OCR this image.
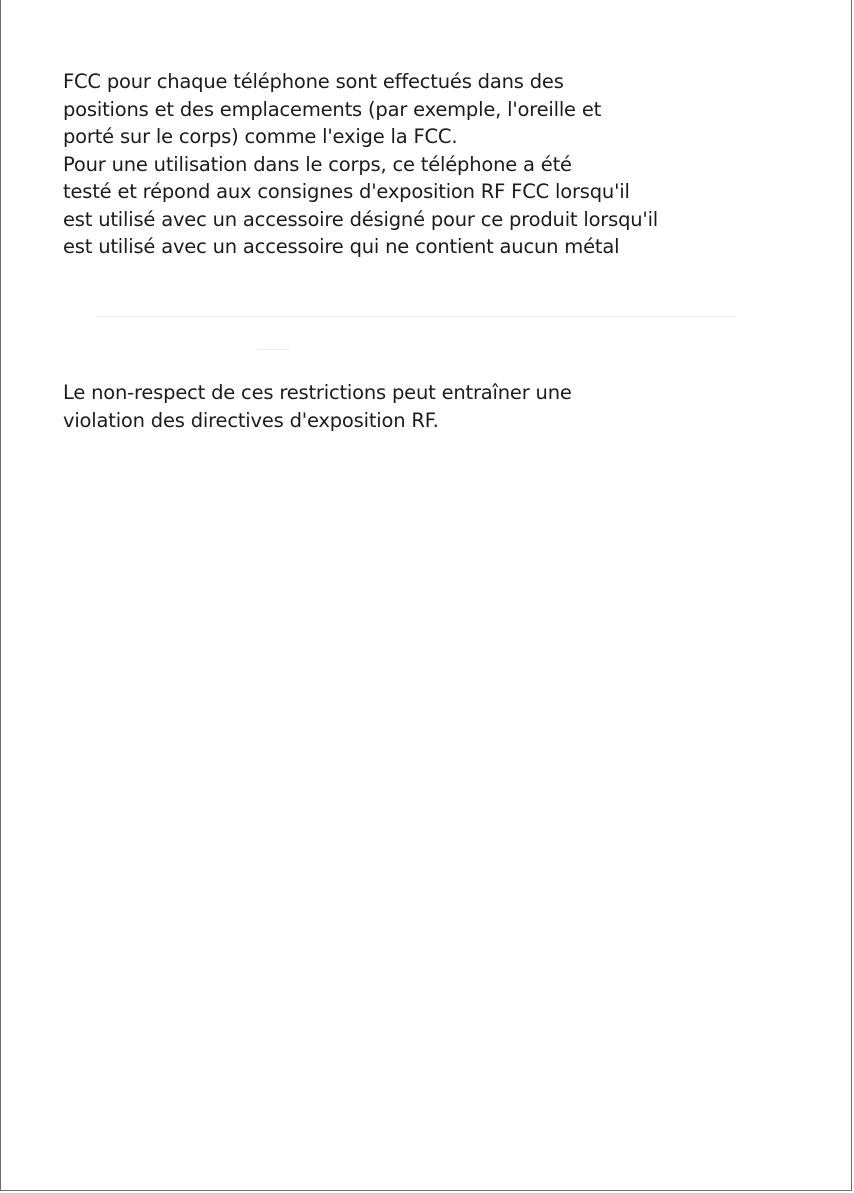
FCC pour chaque téléphone sont effectués dans des
positions et des emplacements (par exemple, l'oreille et
porté sur le corps) comme l'exige la FCC.
Pour une utilisation dans le corps, ce téléphone a été
testé et répond aux consignes d'exposition RF FCC lorsqu'il
est utilisé avec un accessoire désigné pour ce produit lorsqu'il
est utilisé avec un accessoire qui ne contient aucun métal
Le non-respect de ces restrictions peut entraîner une
violation des directives d'exposition RF.
